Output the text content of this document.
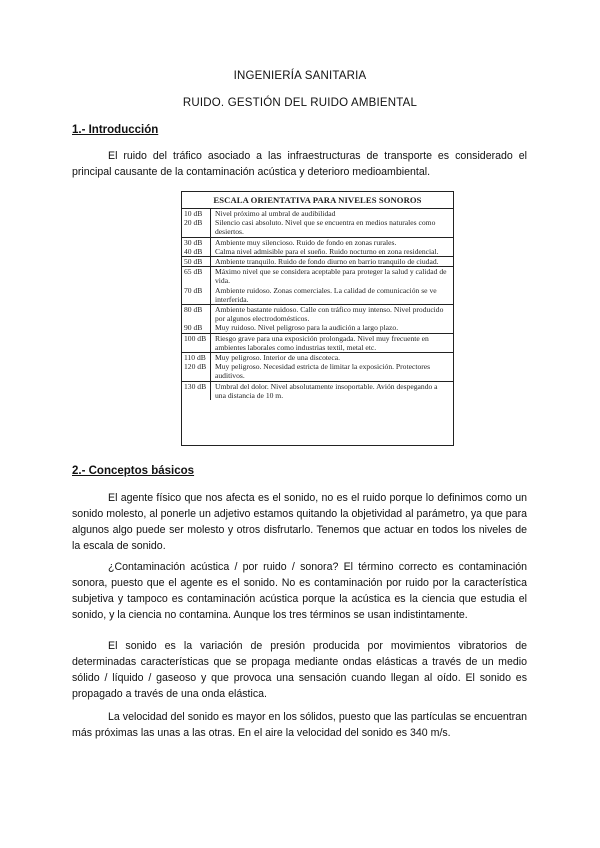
INGENIERÍA SANITARIA
RUIDO. GESTIÓN DEL RUIDO AMBIENTAL
1.- Introducción

El ruido del tráfico asociado a las infraestructuras de transporte es considerado el principal causante de la contaminación acústica y deterioro medioambiental.

ESCALA ORIENTATIVA PARA NIVELES SONOROS
10 dB	Nivel próximo al umbral de audibilidad
20 dB	Silencio casi absoluto. Nivel que se encuentra en medios naturales como desiertos.
30 dB	Ambiente muy silencioso. Ruido de fondo en zonas rurales.
40 dB	Calma nivel admisible para el sueño. Ruido nocturno en zona residencial.
50 dB	Ambiente tranquilo. Ruido de fondo diurno en barrio tranquilo de ciudad.
65 dB	Máximo nivel que se considera aceptable para proteger la salud y calidad de vida.
70 dB	Ambiente ruidoso. Zonas comerciales. La calidad de comunicación se ve interferida.
80 dB	Ambiente bastante ruidoso. Calle con tráfico muy intenso. Nivel producido por algunos electrodomésticos.
90 dB	Muy ruidoso. Nivel peligroso para la audición a largo plazo.
100 dB	Riesgo grave para una exposición prolongada. Nivel muy frecuente en ambientes laborales como industrias textil, metal etc.
110 dB	Muy peligroso. Interior de una discoteca.
120 dB	Muy peligroso. Necesidad estricta de limitar la exposición. Protectores auditivos.
130 dB	Umbral del dolor. Nivel absolutamente insoportable. Avión despegando a una distancia de 10 m.
2.- Conceptos básicos

El agente físico que nos afecta es el sonido, no es el ruido porque lo definimos como un sonido molesto, al ponerle un adjetivo estamos quitando la objetividad al parámetro, ya que para algunos algo puede ser molesto y otros disfrutarlo. Tenemos que actuar en todos los niveles de la escala de sonido.

¿Contaminación acústica / por ruido / sonora? El término correcto es contaminación sonora, puesto que el agente es el sonido. No es contaminación por ruido por la característica subjetiva y tampoco es contaminación acústica porque la acústica es la ciencia que estudia el sonido, y la ciencia no contamina. Aunque los tres términos se usan indistintamente.

El sonido es la variación de presión producida por movimientos vibratorios de determinadas características que se propaga mediante ondas elásticas a través de un medio sólido / líquido / gaseoso y que provoca una sensación cuando llegan al oído. El sonido es propagado a través de una onda elástica.

La velocidad del sonido es mayor en los sólidos, puesto que las partículas se encuentran más próximas las unas a las otras. En el aire la velocidad del sonido es 340 m/s.
